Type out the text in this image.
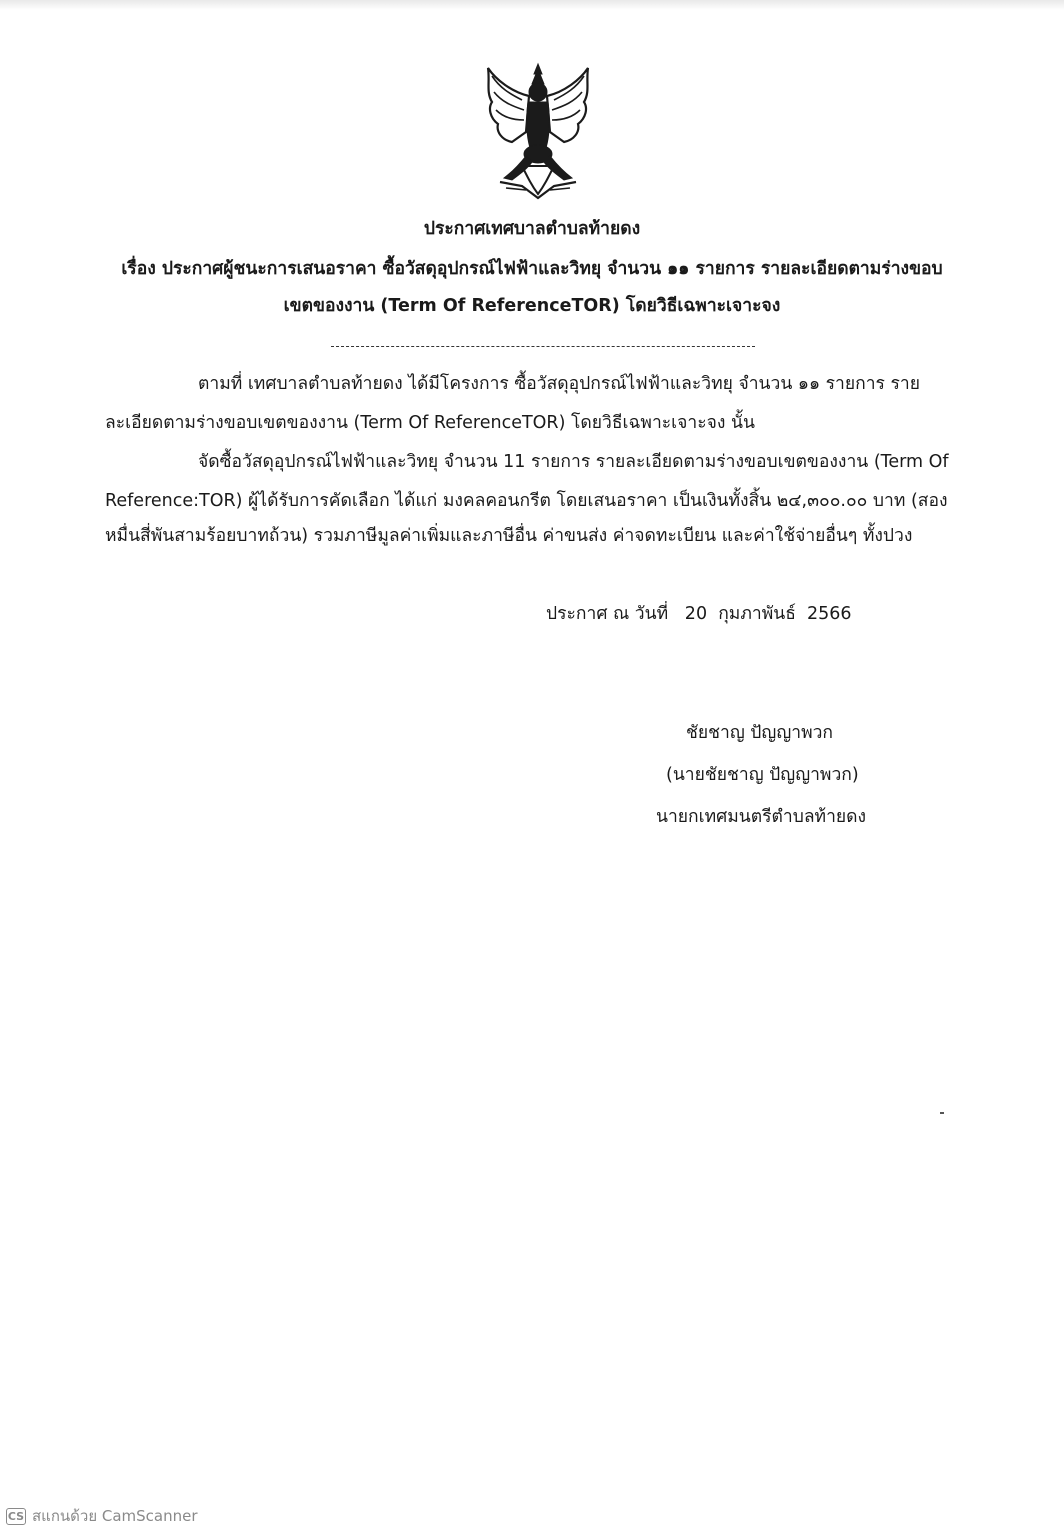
ประกาศเทศบาลตำบลท้ายดง
เรื่อง ประกาศผู้ชนะการเสนอราคา ซื้อวัสดุอุปกรณ์ไฟฟ้าและวิทยุ จำนวน ๑๑ รายการ รายละเอียดตามร่างขอบ
เขตของงาน (Term Of ReferenceTOR) โดยวิธีเฉพาะเจาะจง
ตามที่ เทศบาลตำบลท้ายดง ได้มีโครงการ ซื้อวัสดุอุปกรณ์ไฟฟ้าและวิทยุ จำนวน ๑๑ รายการ ราย
ละเอียดตามร่างขอบเขตของงาน (Term Of ReferenceTOR) โดยวิธีเฉพาะเจาะจง นั้น
จัดซื้อวัสดุอุปกรณ์ไฟฟ้าและวิทยุ จำนวน 11 รายการ รายละเอียดตามร่างขอบเขตของงาน (Term Of
Reference:TOR) ผู้ได้รับการคัดเลือก ได้แก่ มงคลคอนกรีต โดยเสนอราคา เป็นเงินทั้งสิ้น ๒๔,๓๐๐.๐๐ บาท (สอง
หมื่นสี่พันสามร้อยบาทถ้วน) รวมภาษีมูลค่าเพิ่มและภาษีอื่น ค่าขนส่ง ค่าจดทะเบียน และค่าใช้จ่ายอื่นๆ ทั้งปวง
ประกาศ ณ วันที่   20  กุมภาพันธ์  2566
ชัยชาญ ปัญญาพวก
(นายชัยชาญ ปัญญาพวก)
นายกเทศมนตรีตำบลท้ายดง
CS สแกนด้วย CamScanner
